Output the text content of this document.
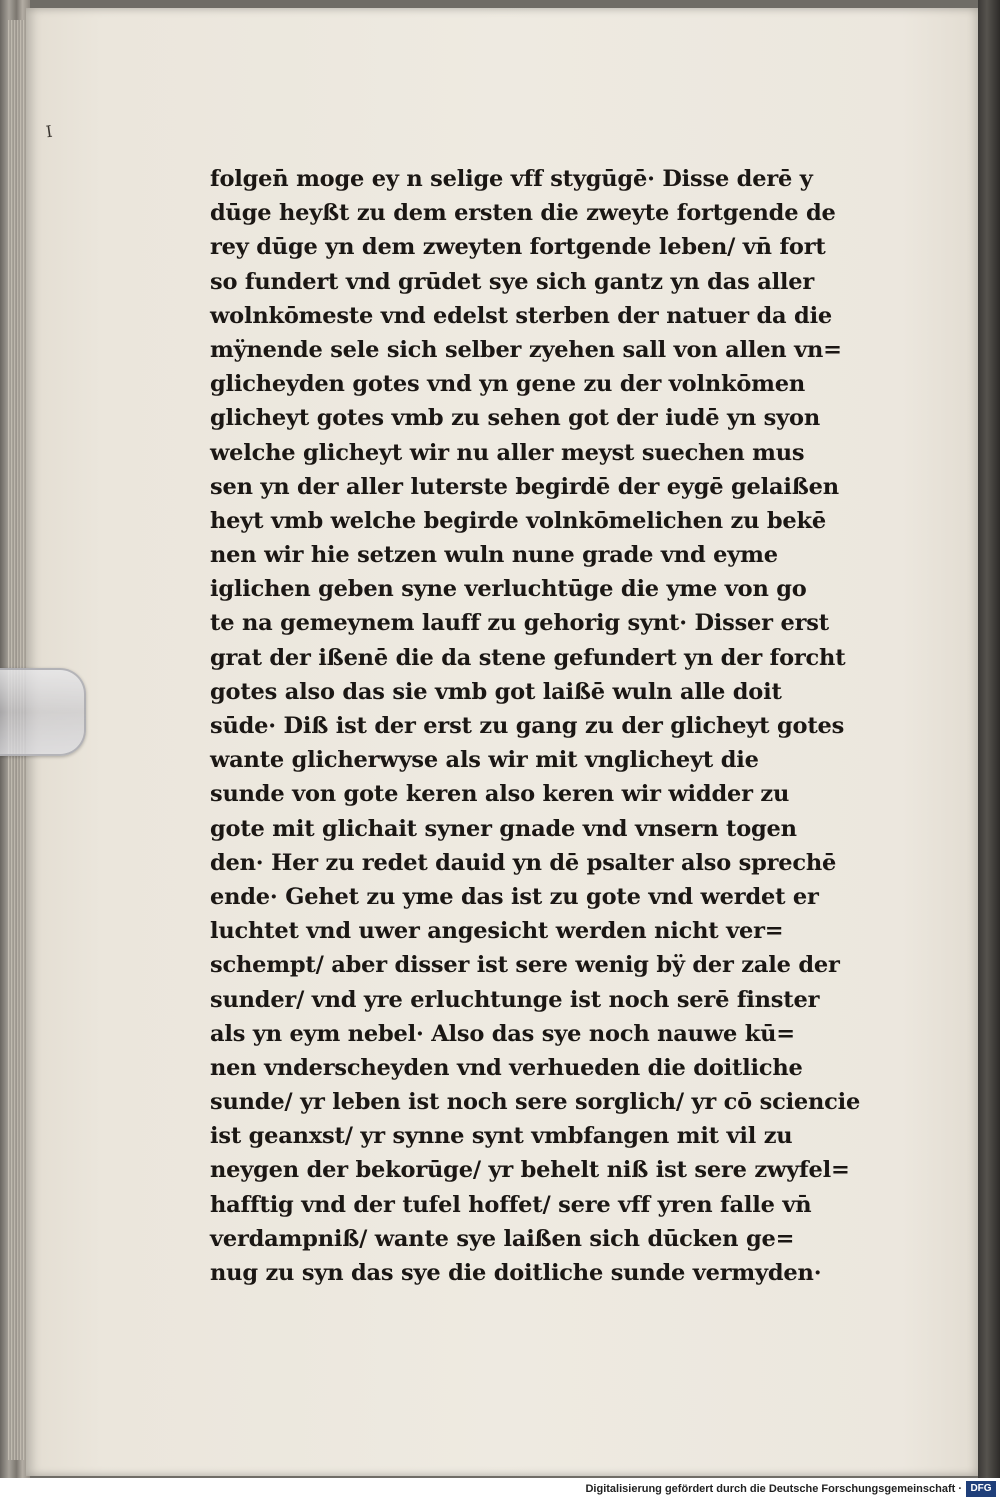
I
folgen̄ moge ey n selige vff stygūgē· Disse derē y
dūge heyßt zu dem ersten die zweyte fortgende de
rey dūge yn dem zweyten fortgende leben/ vn̄ fort
so fundert vnd grūdet sye sich gantz yn das aller
wolnkōmeste vnd edelst sterben der natuer da die
mÿnende sele sich selber zyehen sall von allen vn=
glicheyden gotes vnd yn gene zu der volnkōmen
glicheyt gotes vmb zu sehen got der iudē yn syon
welche glicheyt wir nu aller meyst suechen mus
sen yn der aller luterste begirdē der eygē gelaißen
heyt vmb welche begirde volnkōmelichen zu bekē
nen wir hie setzen wuln nune grade vnd eyme
iglichen geben syne verluchtūge die yme von go
te na gemeynem lauff zu gehorig synt· Disser erst
grat der ißenē die da stene gefundert yn der forcht
gotes also das sie vmb got laißē wuln alle doit
sūde· Diß ist der erst zu gang zu der glicheyt gotes
wante glicherwyse als wir mit vnglicheyt die
sunde von gote keren also keren wir widder zu
gote mit glichait syner gnade vnd vnsern togen
den· Her zu redet dauid yn dē psalter also sprechē
ende· Gehet zu yme das ist zu gote vnd werdet er
luchtet vnd uwer angesicht werden nicht ver=
schempt/ aber disser ist sere wenig bÿ der zale der
sunder/ vnd yre erluchtunge ist noch serē finster
als yn eym nebel· Also das sye noch nauwe kū=
nen vnderscheyden vnd verhueden die doitliche
sunde/ yr leben ist noch sere sorglich/ yr cō sciencie
ist geanxst/ yr synne synt vmbfangen mit vil zu
neygen der bekorūge/ yr behelt niß ist sere zwyfel=
hafftig vnd der tufel hoffet/ sere vff yren falle vn̄
verdampniß/ wante sye laißen sich dūcken ge=
nug zu syn das sye die doitliche sunde vermyden·
Digitalisierung gefördert durch die Deutsche Forschungsgemeinschaft · DFG
